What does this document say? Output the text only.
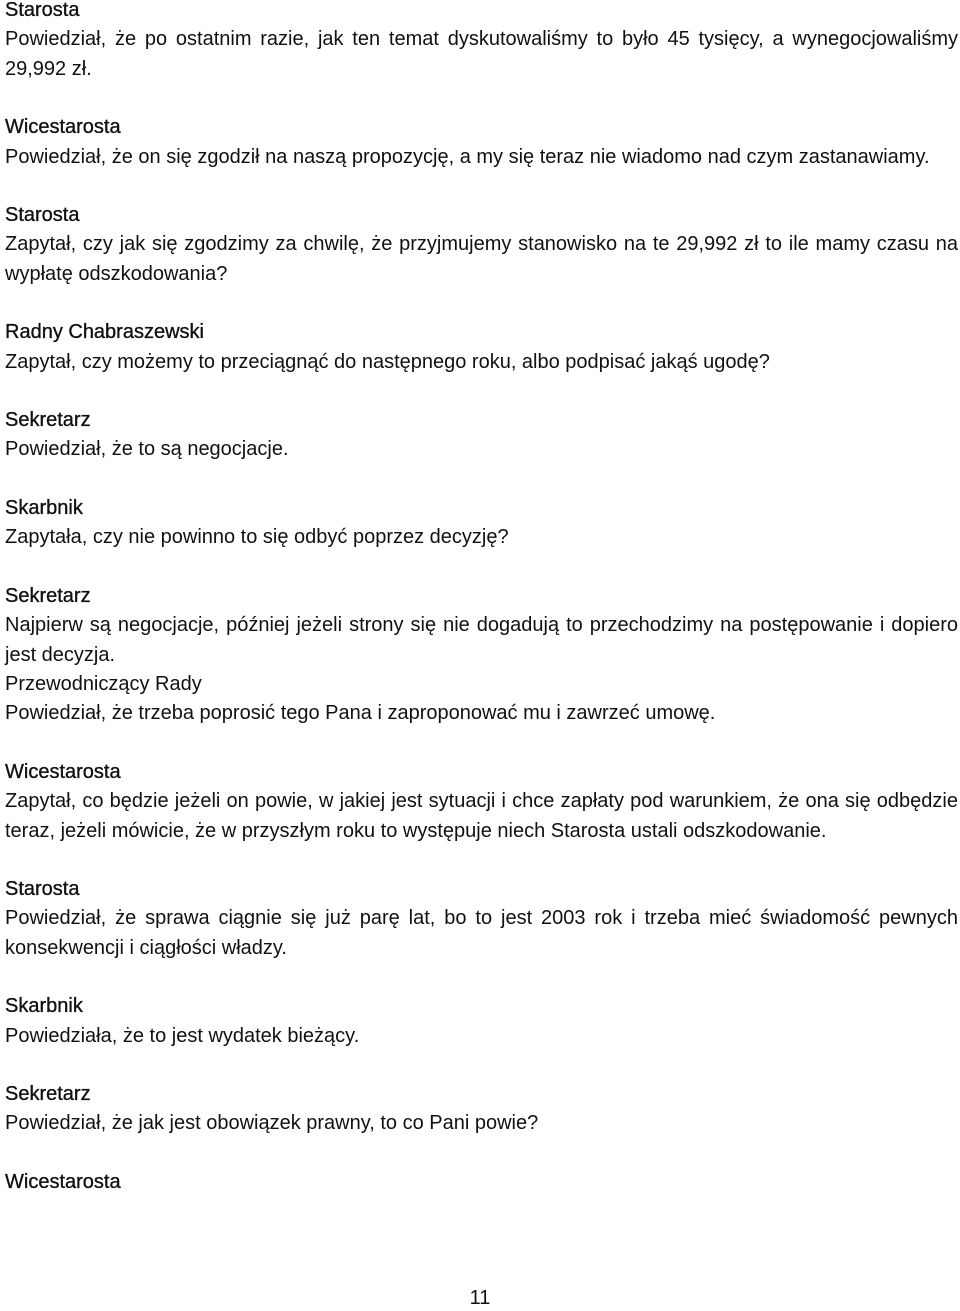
Starosta
Powiedział, że po ostatnim razie, jak ten temat dyskutowaliśmy to było 45 tysięcy, a wynegocjowaliśmy 29,992 zł.
Wicestarosta
Powiedział, że on się zgodził na naszą propozycję, a my się teraz nie wiadomo nad czym zastanawiamy.
Starosta
Zapytał, czy jak się zgodzimy za chwilę, że przyjmujemy stanowisko na te 29,992 zł to ile mamy czasu na wypłatę odszkodowania?
Radny Chabraszewski
Zapytał, czy możemy to przeciągnąć do następnego roku, albo podpisać jakąś ugodę?
Sekretarz
Powiedział, że to są negocjacje.
Skarbnik
Zapytała, czy nie powinno to się odbyć poprzez decyzję?
Sekretarz
Najpierw są negocjacje, później jeżeli strony się nie dogadują to przechodzimy na postępowanie i dopiero jest decyzja.
Przewodniczący Rady
Powiedział, że trzeba poprosić tego Pana i zaproponować mu i zawrzeć umowę.
Wicestarosta
Zapytał, co będzie jeżeli on powie, w jakiej jest sytuacji i chce zapłaty pod warunkiem, że ona się odbędzie teraz, jeżeli mówicie, że w przyszłym roku to występuje niech Starosta ustali odszkodowanie.
Starosta
Powiedział, że sprawa ciągnie się już parę lat, bo to jest 2003 rok i trzeba mieć świadomość pewnych konsekwencji i ciągłości władzy.
Skarbnik
Powiedziała, że to jest wydatek bieżący.
Sekretarz
Powiedział, że jak jest obowiązek prawny, to co Pani powie?
Wicestarosta
11
